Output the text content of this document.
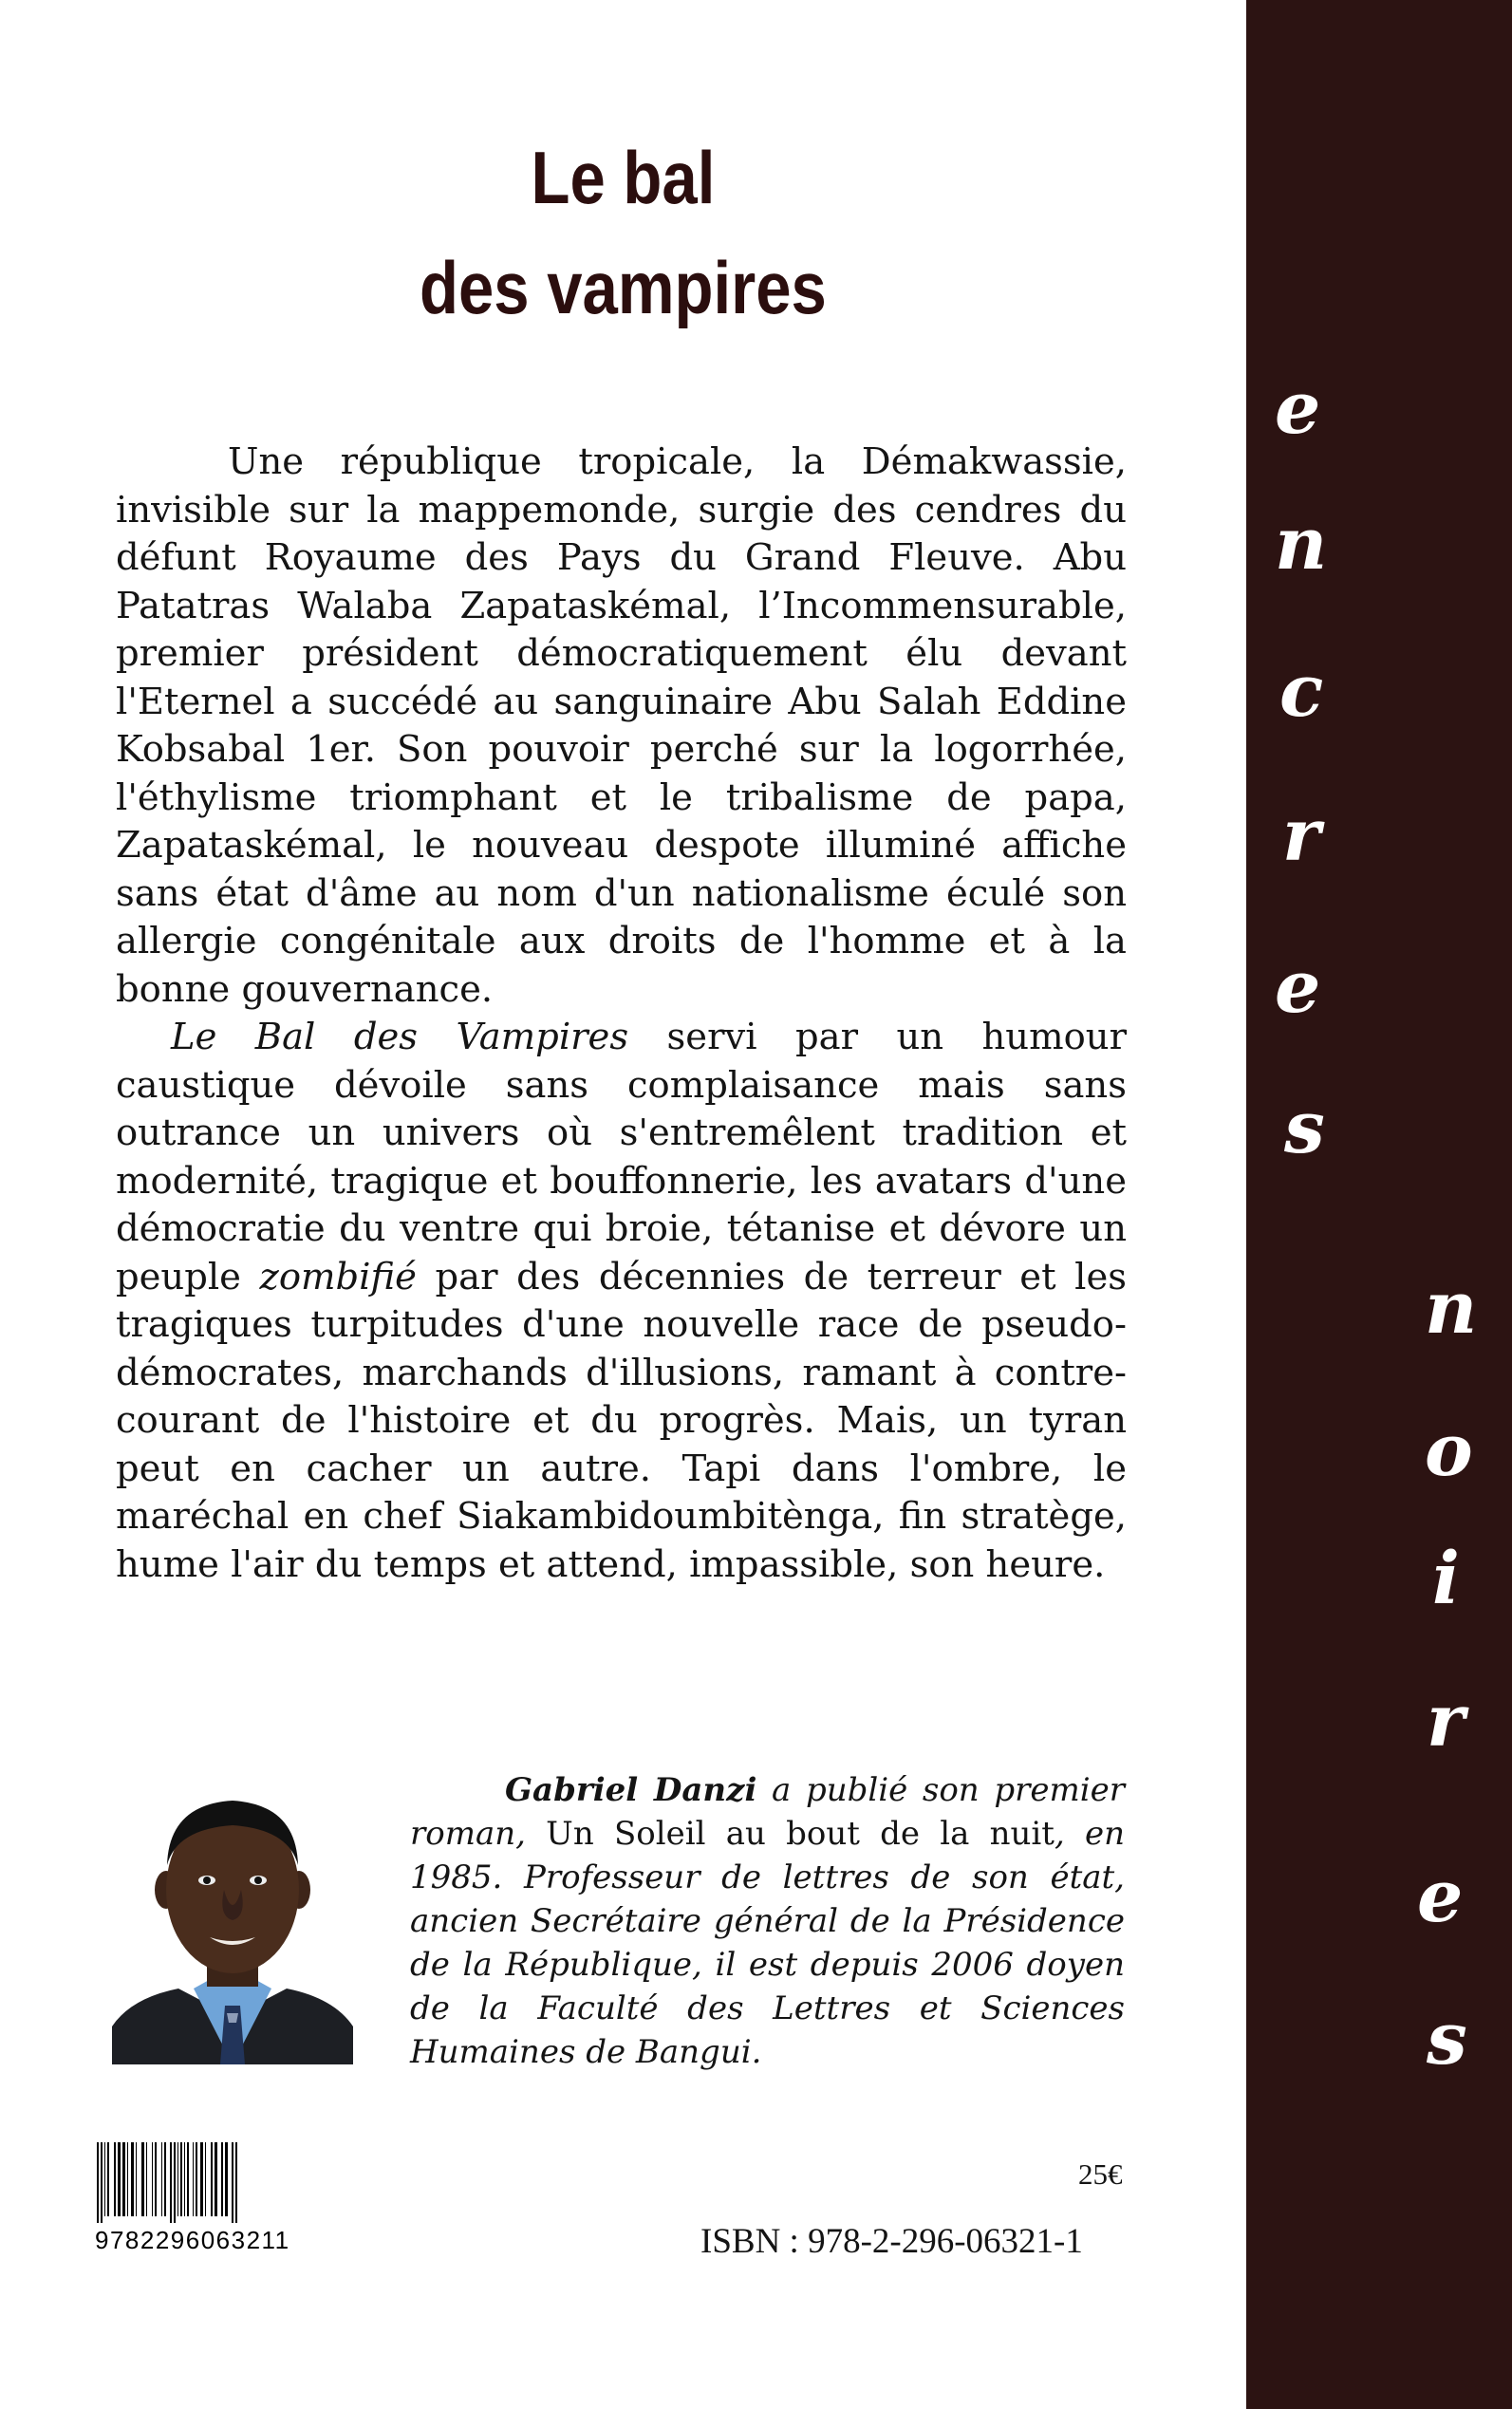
Le bal
des vampires

Une république tropicale, la Démakwassie, invisible sur la mappemonde, surgie des cendres du défunt Royaume des Pays du Grand Fleuve. Abu Patatras Walaba Zapataskémal, l’Incommensurable, premier président démocratiquement élu devant l'Eternel a succédé au sanguinaire Abu Salah Eddine Kobsabal 1er. Son pouvoir perché sur la logorrhée, l'éthylisme triomphant et le tribalisme de papa, Zapataskémal, le nouveau despote illuminé affiche sans état d'âme au nom d'un nationalisme éculé son allergie congénitale aux droits de l'homme et à la bonne gouvernance.

Le Bal des Vampires servi par un humour caustique dévoile sans complaisance mais sans outrance un univers où s'entremêlent tradition et modernité, tragique et bouffonnerie, les avatars d'une démocratie du ventre qui broie, tétanise et dévore un peuple zombifié par des décennies de terreur et les tragiques turpitudes d'une nouvelle race de pseudo-démocrates, marchands d'illusions, ramant à contre-courant de l'histoire et du progrès. Mais, un tyran peut en cacher un autre. Tapi dans l'ombre, le maréchal en chef Siakambidoumbitènga, fin stratège, hume l'air du temps et attend, impassible, son heure.

Gabriel Danzi a publié son premier roman, Un Soleil au bout de la nuit, en 1985. Professeur de lettres de son état, ancien Secrétaire général de la Présidence de la République, il est depuis 2006 doyen de la Faculté des Lettres et Sciences Humaines de Bangui.

9782296063211
25€
ISBN : 978-2-296-06321-1
e
n
c
r
e
s
n
o
i
r
e
s
